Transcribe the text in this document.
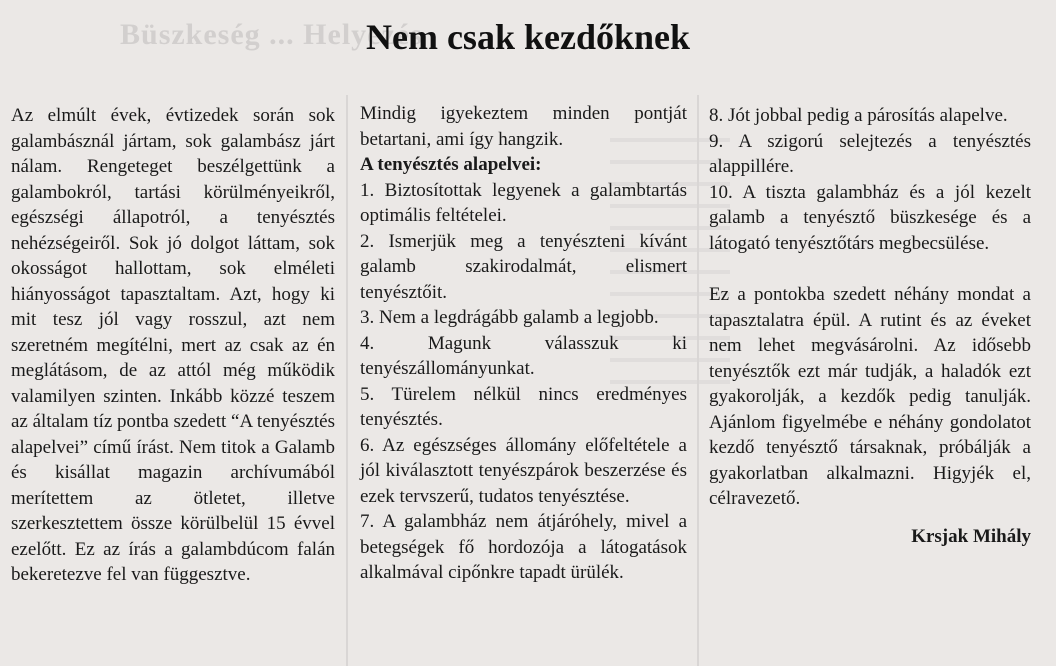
Büszkeség ... Helyezés
Nem csak kezdőknek

Az elmúlt évek, évtizedek során sok galambásznál jártam, sok galambász járt nálam. Rengeteget beszélgettünk a galambokról, tartási körülményeikről, egészségi állapotról, a tenyésztés nehézségeiről. Sok jó dolgot láttam, sok okosságot hallottam, sok elméleti hiányosságot tapasztaltam. Azt, hogy ki mit tesz jól vagy rosszul, azt nem szeretném megítélni, mert az csak az én meglátásom, de az attól még működik valamilyen szinten. Inkább közzé teszem az általam tíz pontba szedett “A tenyésztés alapelvei” című írást. Nem titok a Galamb és kisállat magazin archívumából merítettem az ötletet, illetve szerkesztettem össze körülbelül 15 évvel ezelőtt. Ez az írás a galambdúcom falán bekeretezve fel van függesztve.

Mindig igyekeztem minden pontját betartani, ami így hangzik.

A tenyésztés alapelvei:

1. Biztosítottak legyenek a galambtartás optimális feltételei.

2. Ismerjük meg a tenyészteni kívánt galamb szakirodalmát, elismert tenyésztőit.

3. Nem a legdrágább galamb a legjobb.

4. Magunk válasszuk ki tenyészállományunkat.

5. Türelem nélkül nincs eredményes tenyésztés.

6. Az egészséges állomány előfeltétele a jól kiválasztott tenyészpárok beszerzése és ezek tervszerű, tudatos tenyésztése.

7. A galambház nem átjáróhely, mivel a betegségek fő hordozója a látogatások alkalmával cipőnkre tapadt ürülék.

8. Jót jobbal pedig a párosítás alapelve.

9. A szigorú selejtezés a tenyésztés alappillére.

10. A tiszta galambház és a jól kezelt galamb a tenyésztő büszkesége és a látogató tenyésztőtárs megbecsülése.

Ez a pontokba szedett néhány mondat a tapasztalatra épül. A rutint és az éveket nem lehet megvásárolni. Az idősebb tenyésztők ezt már tudják, a haladók ezt gyakorolják, a kezdők pedig tanulják. Ajánlom figyelmébe e néhány gondolatot kezdő tenyésztő társaknak, próbálják a gyakorlatban alkalmazni. Higyjék el, célravezető.

Krsjak Mihály
